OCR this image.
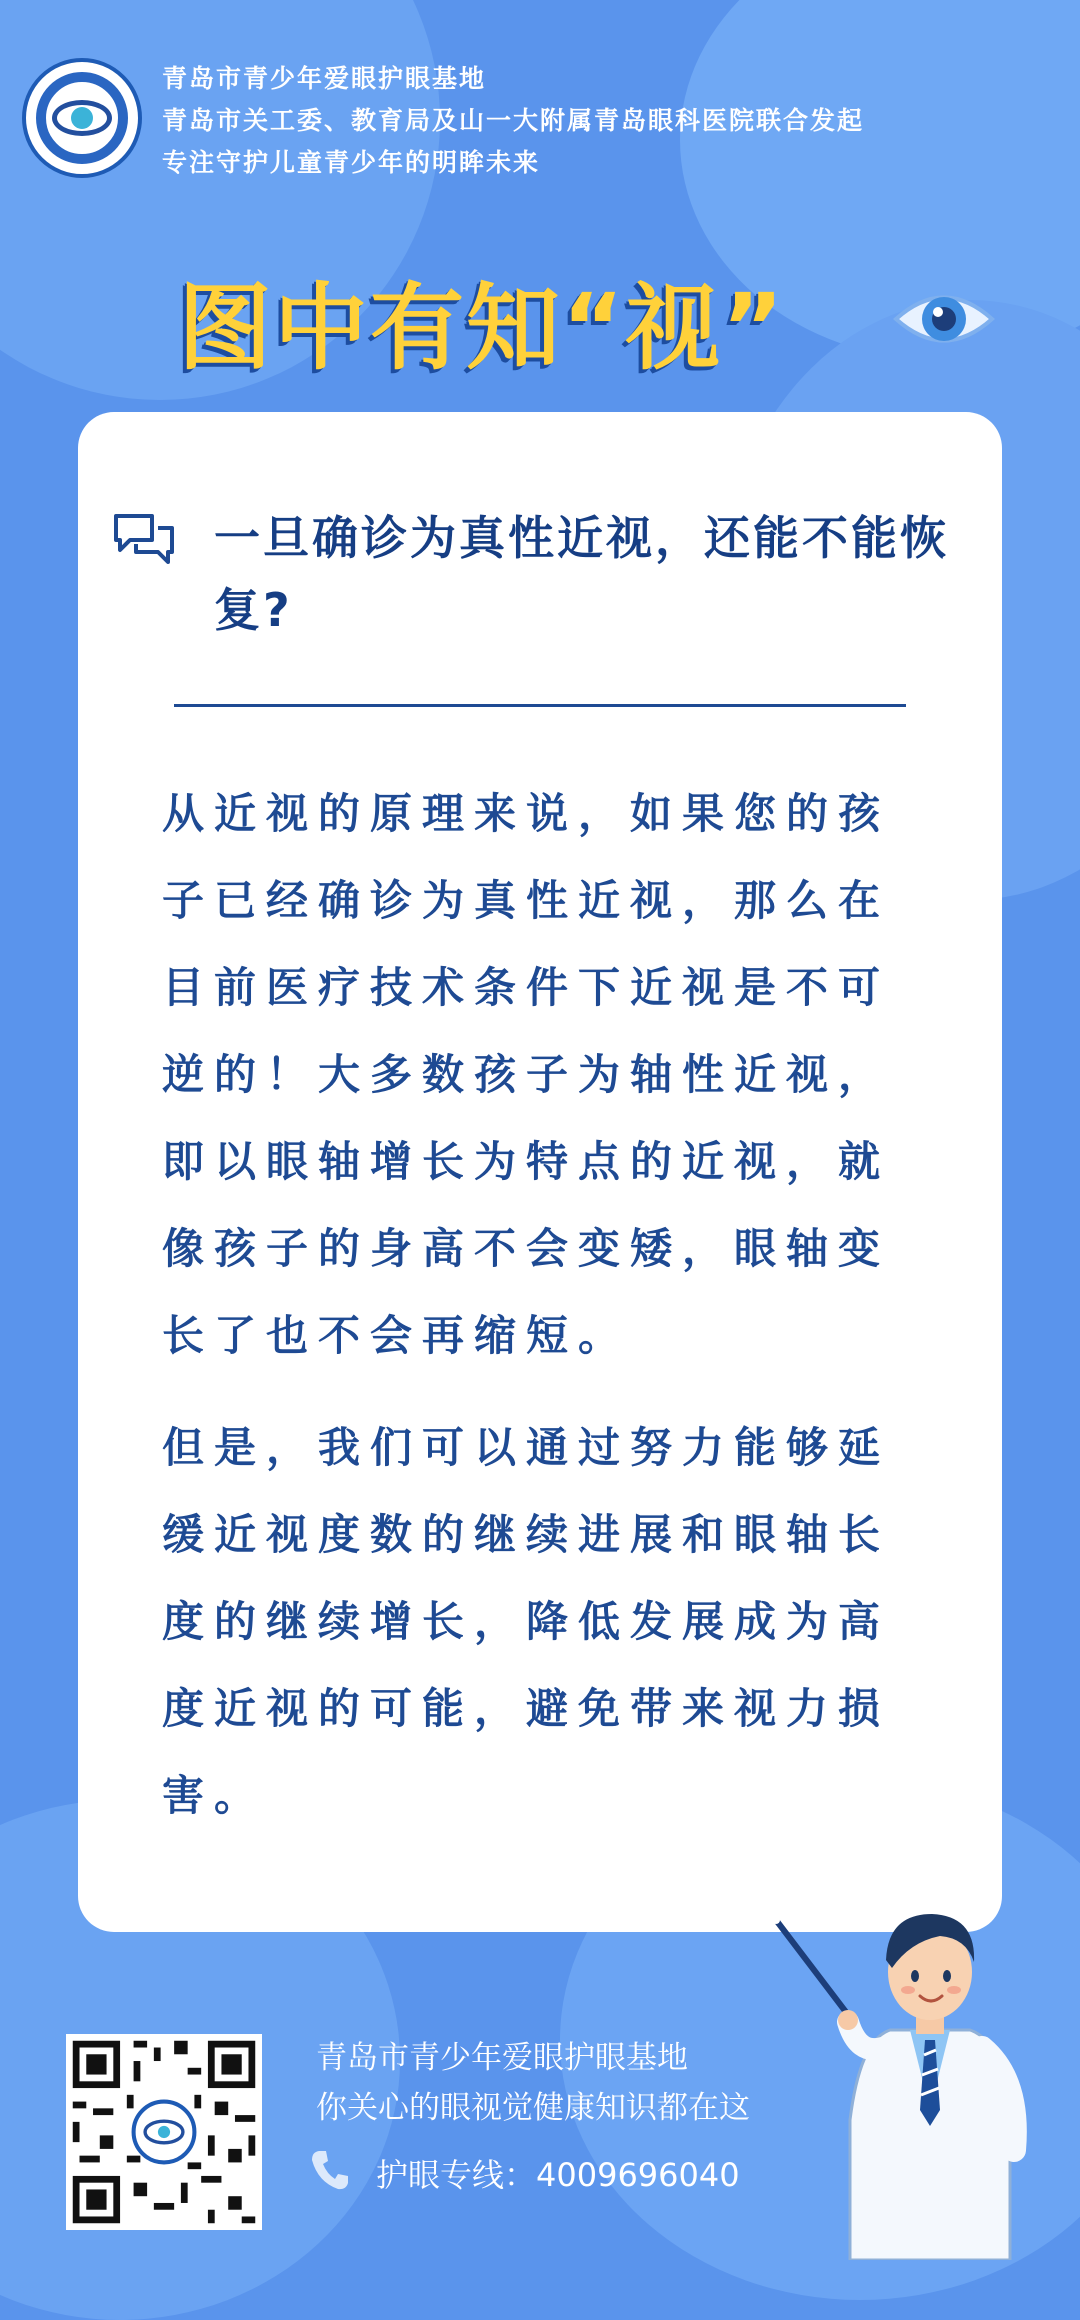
青岛市青少年爱眼护眼基地
青岛市关工委、教育局及山一大附属青岛眼科医院联合发起
专注守护儿童青少年的明眸未来
图中有知“视”
一旦确诊为真性近视，还能不能恢复?
从近视的原理来说，如果您的孩子已经确诊为真性近视，那么在目前医疗技术条件下近视是不可逆的！大多数孩子为轴性近视，即以眼轴增长为特点的近视，就像孩子的身高不会变矮，眼轴变长了也不会再缩短。
但是，我们可以通过努力能够延缓近视度数的继续进展和眼轴长度的继续增长，降低发展成为高度近视的可能，避免带来视力损害。
青岛市青少年爱眼护眼基地
你关心的眼视觉健康知识都在这
护眼专线：4009696040
